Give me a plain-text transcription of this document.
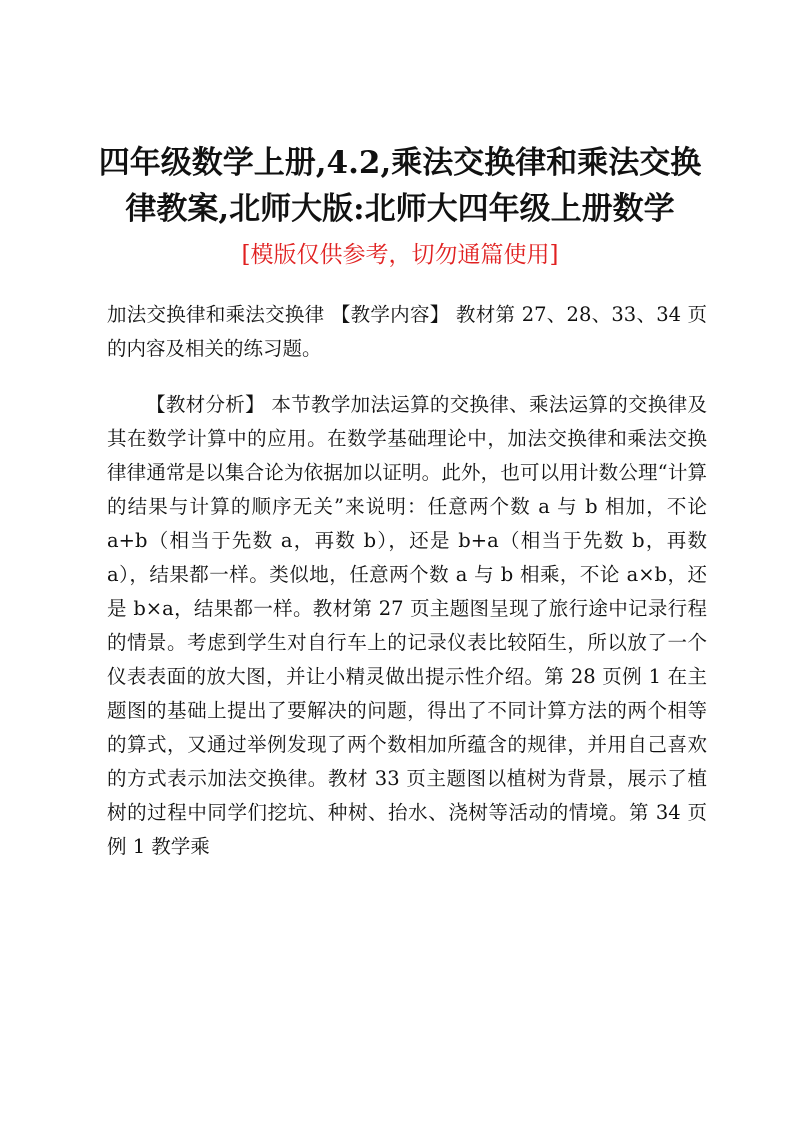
四年级数学上册,4.2,乘法交换律和乘法交换律教案,北师大版:北师大四年级上册数学
[模版仅供参考，切勿通篇使用]

加法交换律和乘法交换律 【教学内容】 教材第 27、28、33、34 页的内容及相关的练习题。

【教材分析】 本节教学加法运算的交换律、乘法运算的交换律及其在数学计算中的应用。在数学基础理论中，加法交换律和乘法交换律律通常是以集合论为依据加以证明。此外，也可以用计数公理“计算的结果与计算的顺序无关”来说明：任意两个数 a 与 b 相加，不论 a+b（相当于先数 a，再数 b），还是 b+a（相当于先数 b，再数 a），结果都一样。类似地，任意两个数 a 与 b 相乘，不论 a×b，还是 b×a，结果都一样。教材第 27 页主题图呈现了旅行途中记录行程的情景。考虑到学生对自行车上的记录仪表比较陌生，所以放了一个仪表表面的放大图，并让小精灵做出提示性介绍。第 28 页例 1 在主题图的基础上提出了要解决的问题，得出了不同计算方法的两个相等的算式，又通过举例发现了两个数相加所蕴含的规律，并用自己喜欢的方式表示加法交换律。教材 33 页主题图以植树为背景，展示了植树的过程中同学们挖坑、种树、抬水、浇树等活动的情境。第 34 页例 1 教学乘
